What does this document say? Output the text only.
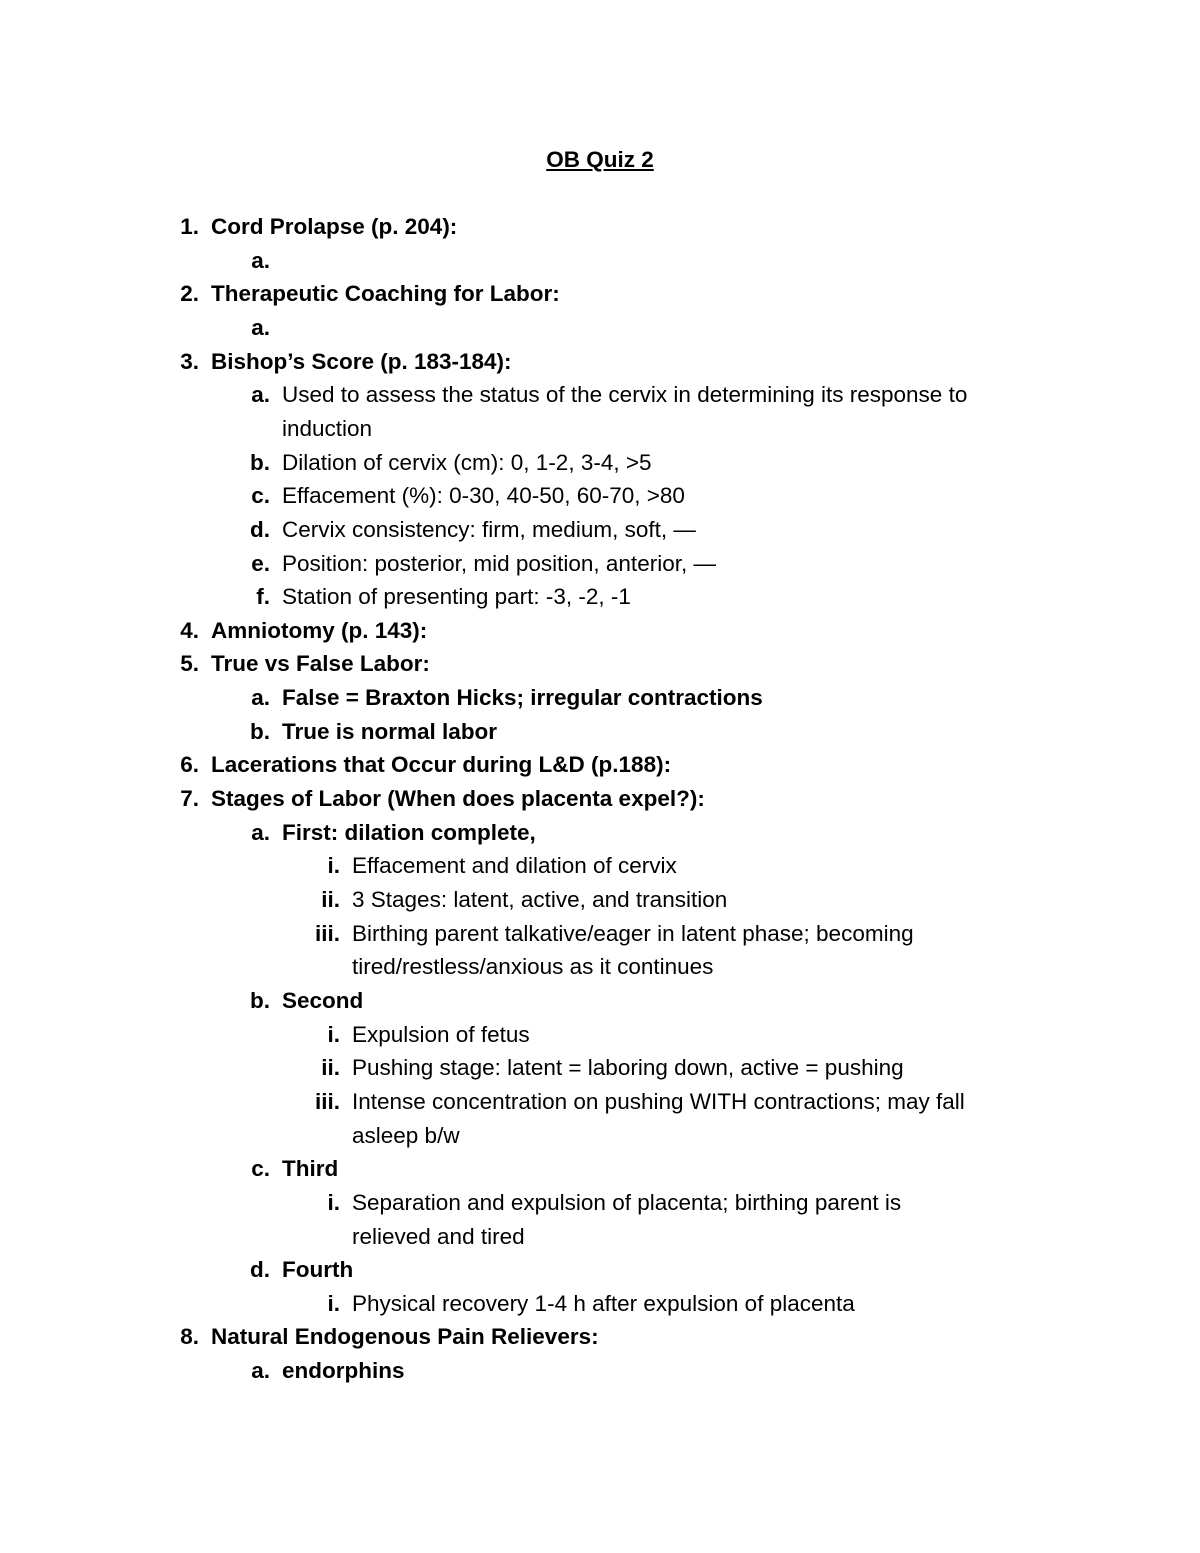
OB Quiz 2
1. Cord Prolapse (p. 204):
a.
2. Therapeutic Coaching for Labor:
a.
3. Bishop’s Score (p. 183-184):
a. Used to assess the status of the cervix in determining its response to
induction
b. Dilation of cervix (cm): 0, 1-2, 3-4, >5
c. Effacement (%): 0-30, 40-50, 60-70, >80
d. Cervix consistency: firm, medium, soft, —
e. Position: posterior, mid position, anterior, —
f. Station of presenting part: -3, -2, -1
4. Amniotomy (p. 143):
5. True vs False Labor:
a. False = Braxton Hicks; irregular contractions
b. True is normal labor
6. Lacerations that Occur during L&D (p.188):
7. Stages of Labor (When does placenta expel?):
a. First: dilation complete,
i. Effacement and dilation of cervix
ii. 3 Stages: latent, active, and transition
iii. Birthing parent talkative/eager in latent phase; becoming
tired/restless/anxious as it continues
b. Second
i. Expulsion of fetus
ii. Pushing stage: latent = laboring down, active = pushing
iii. Intense concentration on pushing WITH contractions; may fall
asleep b/w
c. Third
i. Separation and expulsion of placenta; birthing parent is
relieved and tired
d. Fourth
i. Physical recovery 1-4 h after expulsion of placenta
8. Natural Endogenous Pain Relievers:
a. endorphins
